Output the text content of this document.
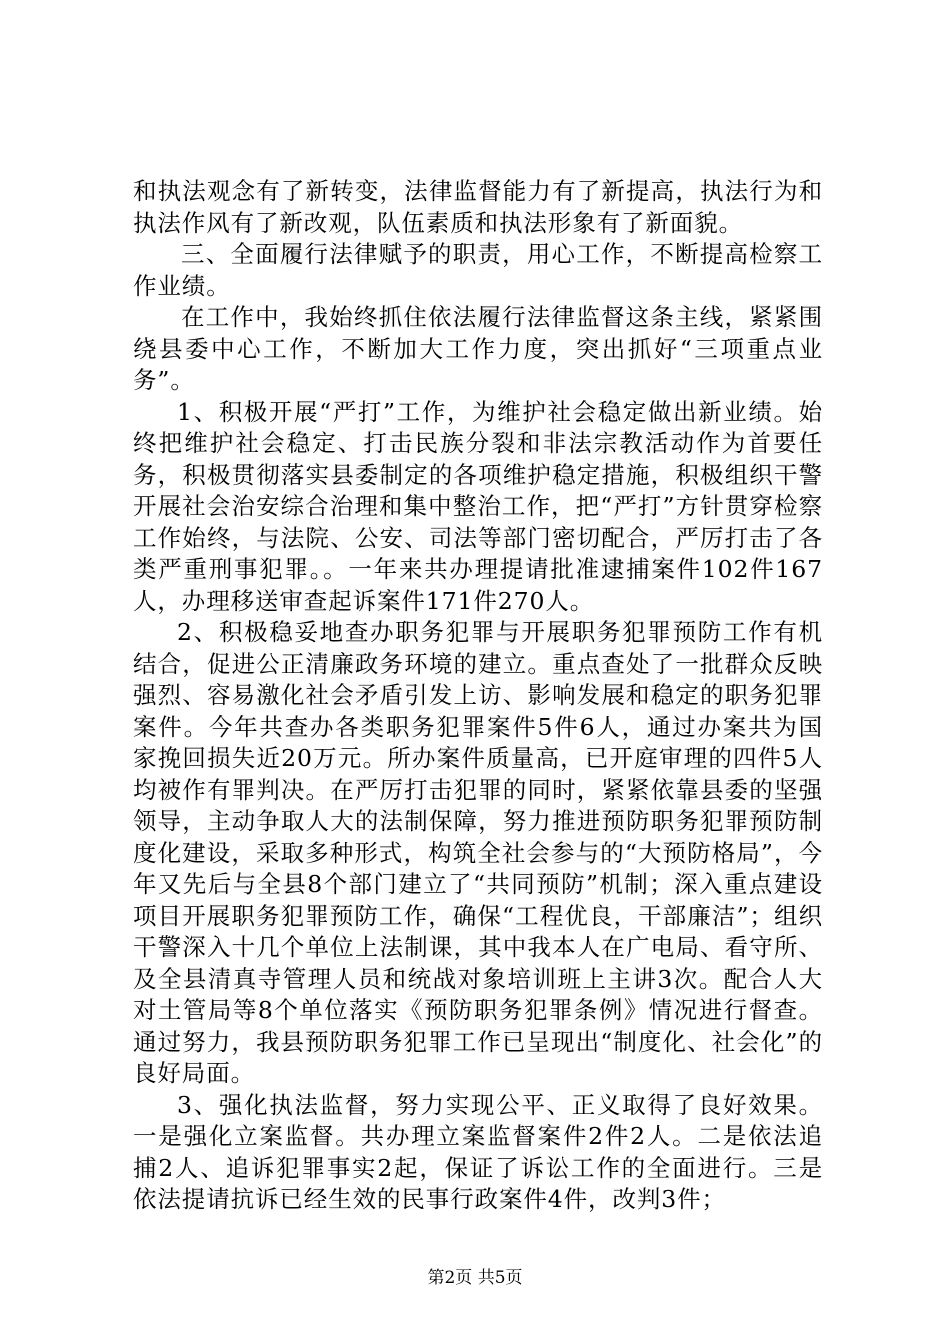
和执法观念有了新转变，法律监督能力有了新提高，执法行为和执法作风有了新改观，队伍素质和执法形象有了新面貌。

三、全面履行法律赋予的职责，用心工作，不断提高检察工作业绩。

在工作中，我始终抓住依法履行法律监督这条主线，紧紧围绕县委中心工作，不断加大工作力度，突出抓好“三项重点业务”。

1、积极开展“严打”工作，为维护社会稳定做出新业绩。始终把维护社会稳定、打击民族分裂和非法宗教活动作为首要任务，积极贯彻落实县委制定的各项维护稳定措施，积极组织干警开展社会治安综合治理和集中整治工作，把“严打”方针贯穿检察工作始终，与法院、公安、司法等部门密切配合，严厉打击了各类严重刑事犯罪。。一年来共办理提请批准逮捕案件102件167人，办理移送审查起诉案件171件270人。

2、积极稳妥地查办职务犯罪与开展职务犯罪预防工作有机结合，促进公正清廉政务环境的建立。重点查处了一批群众反映强烈、容易激化社会矛盾引发上访、影响发展和稳定的职务犯罪案件。今年共查办各类职务犯罪案件5件6人，通过办案共为国家挽回损失近20万元。所办案件质量高，已开庭审理的四件5人均被作有罪判决。在严厉打击犯罪的同时，紧紧依靠县委的坚强领导，主动争取人大的法制保障，努力推进预防职务犯罪预防制度化建设，采取多种形式，构筑全社会参与的“大预防格局”，今年又先后与全县8个部门建立了“共同预防”机制；深入重点建设项目开展职务犯罪预防工作，确保“工程优良，干部廉洁”；组织干警深入十几个单位上法制课，其中我本人在广电局、看守所、及全县清真寺管理人员和统战对象培训班上主讲3次。配合人大对土管局等8个单位落实《预防职务犯罪条例》情况进行督查。通过努力，我县预防职务犯罪工作已呈现出“制度化、社会化”的良好局面。

3、强化执法监督，努力实现公平、正义取得了良好效果。一是强化立案监督。共办理立案监督案件2件2人。二是依法追捕2人、追诉犯罪事实2起，保证了诉讼工作的全面进行。三是依法提请抗诉已经生效的民事行政案件4件，改判3件；

第2页 共5页
